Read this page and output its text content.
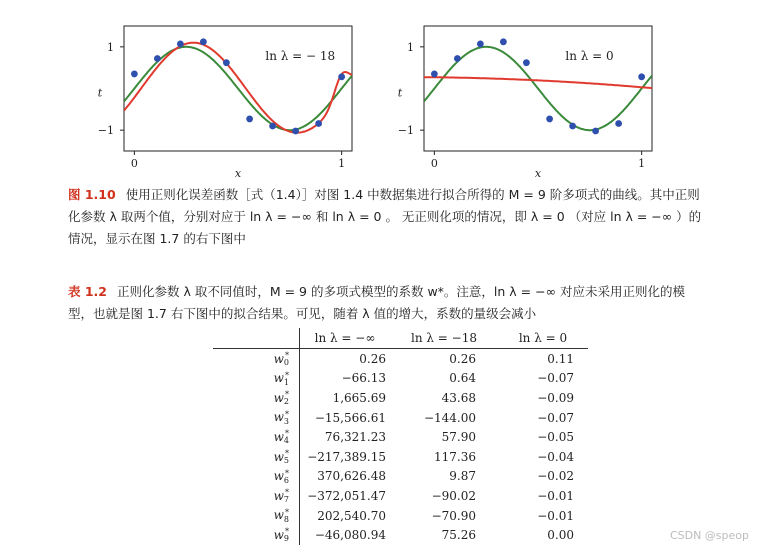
1
−1
0	1
x
t
ln λ = − 18
1
−1
0	1
x
t
ln λ = 0
图 1.10 使用正则化误差函数［式（1.4）］对图 1.4 中数据集进行拟合所得的 M = 9 阶多项式的曲线。其中正则化参数 λ 取两个值，分别对应于 ln λ = −∞ 和 ln λ = 0 。 无正则化项的情况，即 λ = 0 （对应 ln λ = −∞ ）的情况，显示在图 1.7 的右下图中
表 1.2 正则化参数 λ 取不同值时，M = 9 的多项式模型的系数 w*。注意，ln λ = −∞ 对应未采用正则化的模型，也就是图 1.7 右下图中的拟合结果。可见，随着 λ 值的增大，系数的量级会减小
	ln λ = −∞	ln λ = −18	ln λ = 0
w *
0	0.26	0.26	0.11
w *
1	−66.13	0.64	−0.07
w *
2	1,665.69	43.68	−0.09
w *
3	−15,566.61	−144.00	−0.07
w *
4	76,321.23	57.90	−0.05
w *
5	−217,389.15	117.36	−0.04
w *
6	370,626.48	9.87	−0.02
w *
7	−372,051.47	−90.02	−0.01
w *
8	202,540.70	−70.90	−0.01
w *
9	−46,080.94	75.26	0.00	CSDN @speop
